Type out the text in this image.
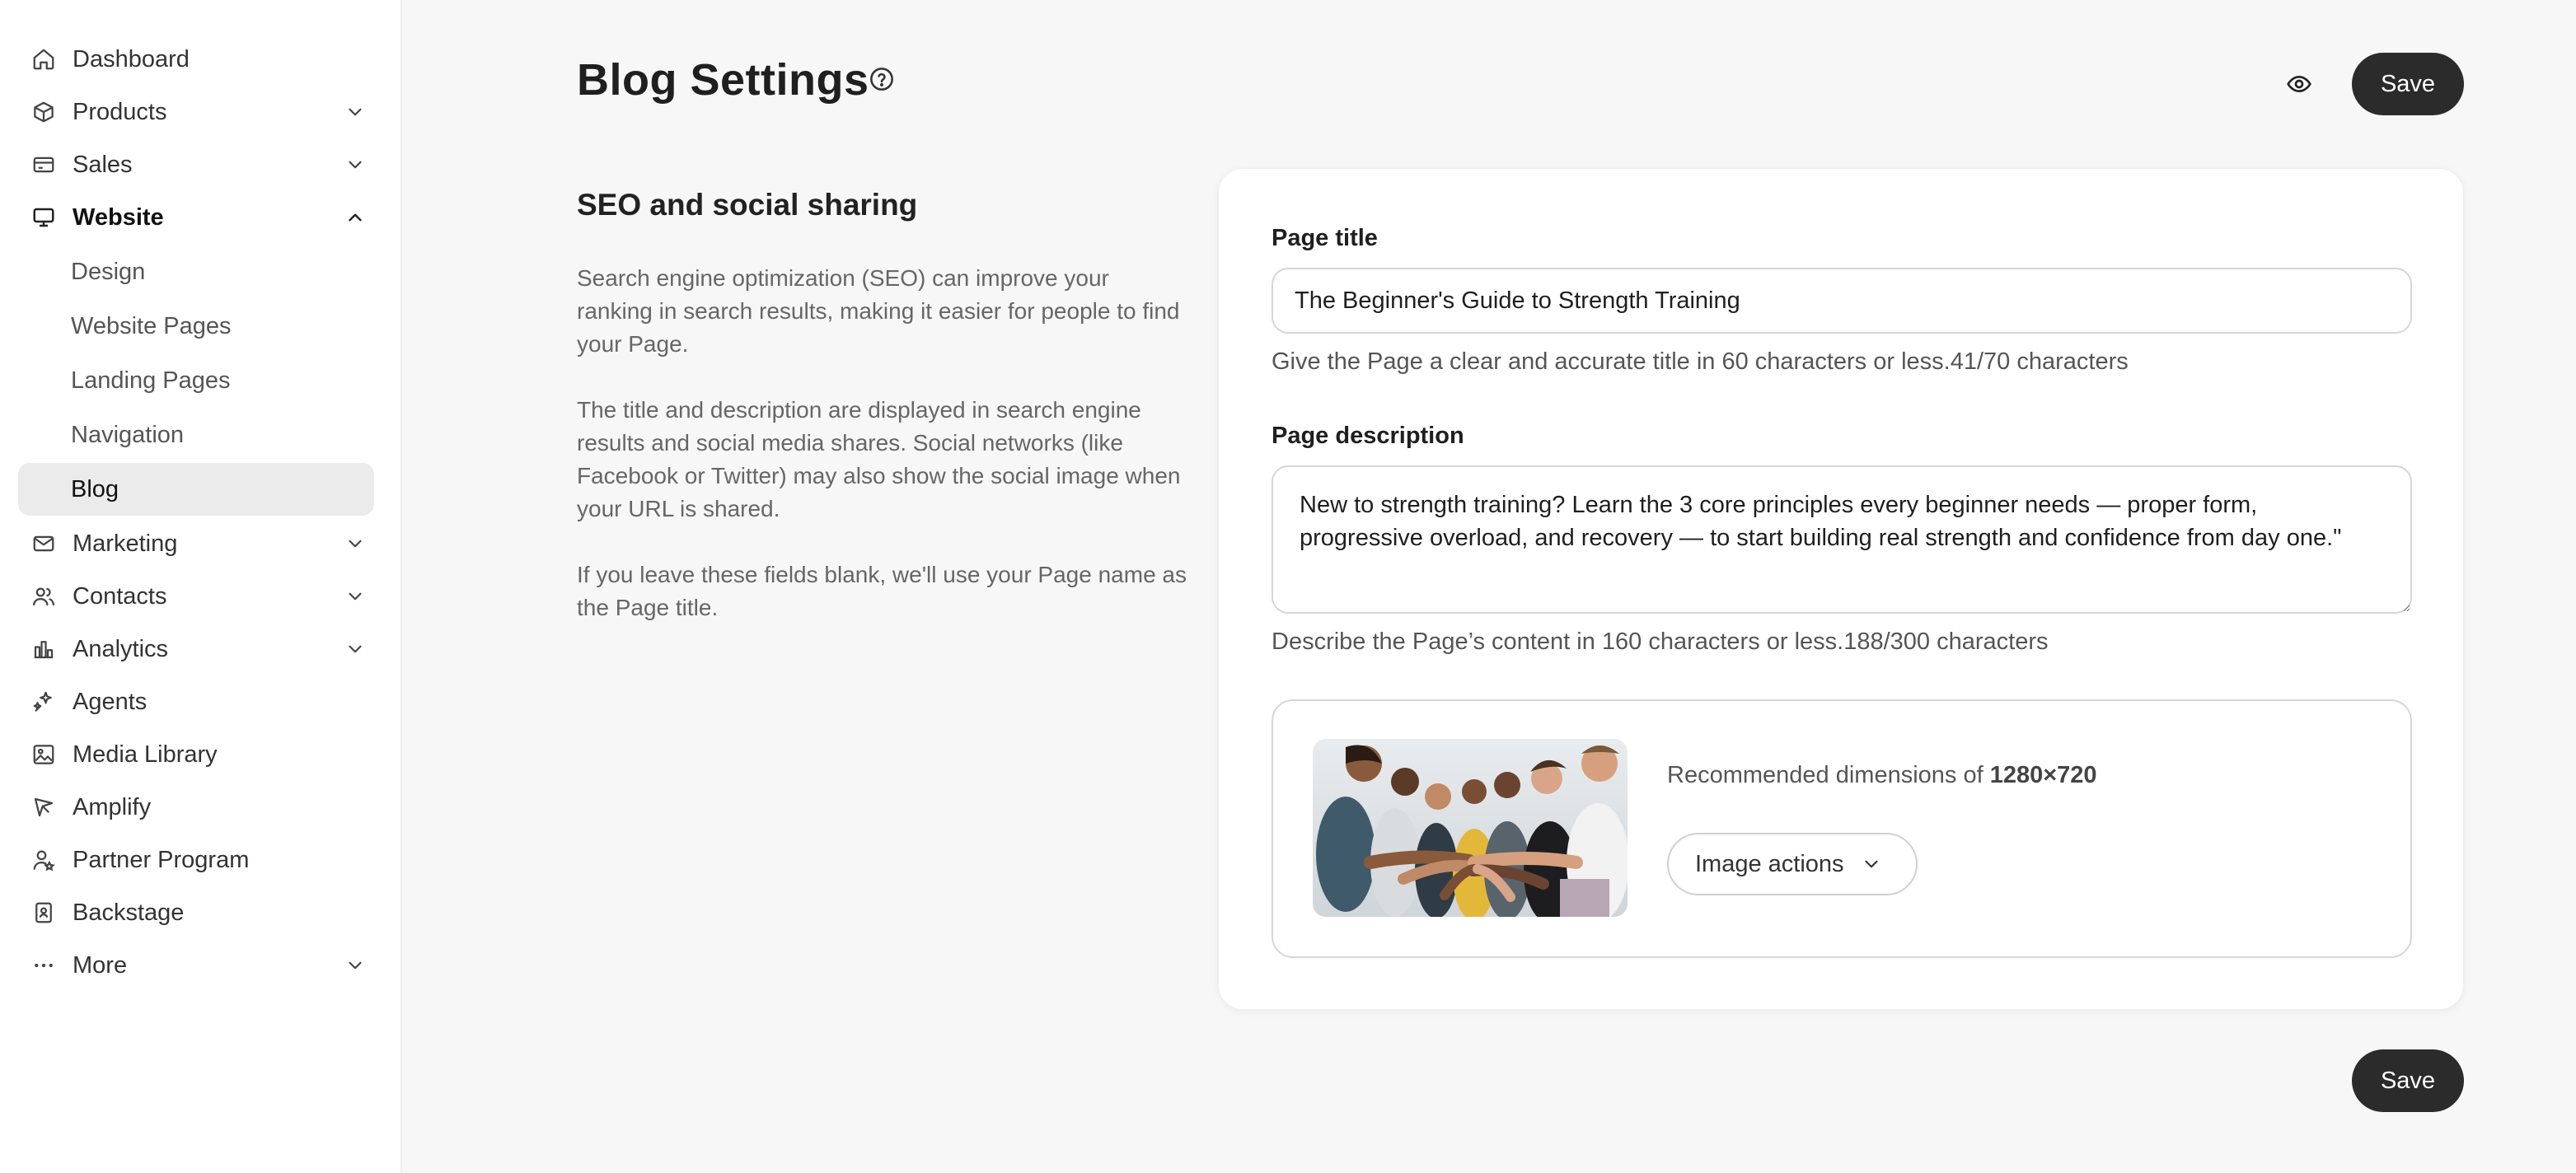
Dashboard
Products
Sales
Website
Design
Website Pages
Landing Pages
Navigation
Blog
Marketing
Contacts
Analytics
Agents
Media Library
Amplify
Partner Program
Backstage
More
Blog Settings	Save
SEO and social sharing

Search engine optimization (SEO) can improve your ranking in search results, making it easier for people to find your Page.

The title and description are displayed in search engine results and social media shares. Social networks (like Facebook or Twitter) may also show the social image when your URL is shared.

If you leave these fields blank, we'll use your Page name as the Page title.

Page title
The Beginner's Guide to Strength Training
Give the Page a clear and accurate title in 60 characters or less.41/70 characters
Page description
New to strength training? Learn the 3 core principles every beginner needs — proper form, progressive overload, and recovery — to start building real strength and confidence from day one."
Describe the Page’s content in 160 characters or less.188/300 characters
Recommended dimensions of 1280×720
Image actions
Save
